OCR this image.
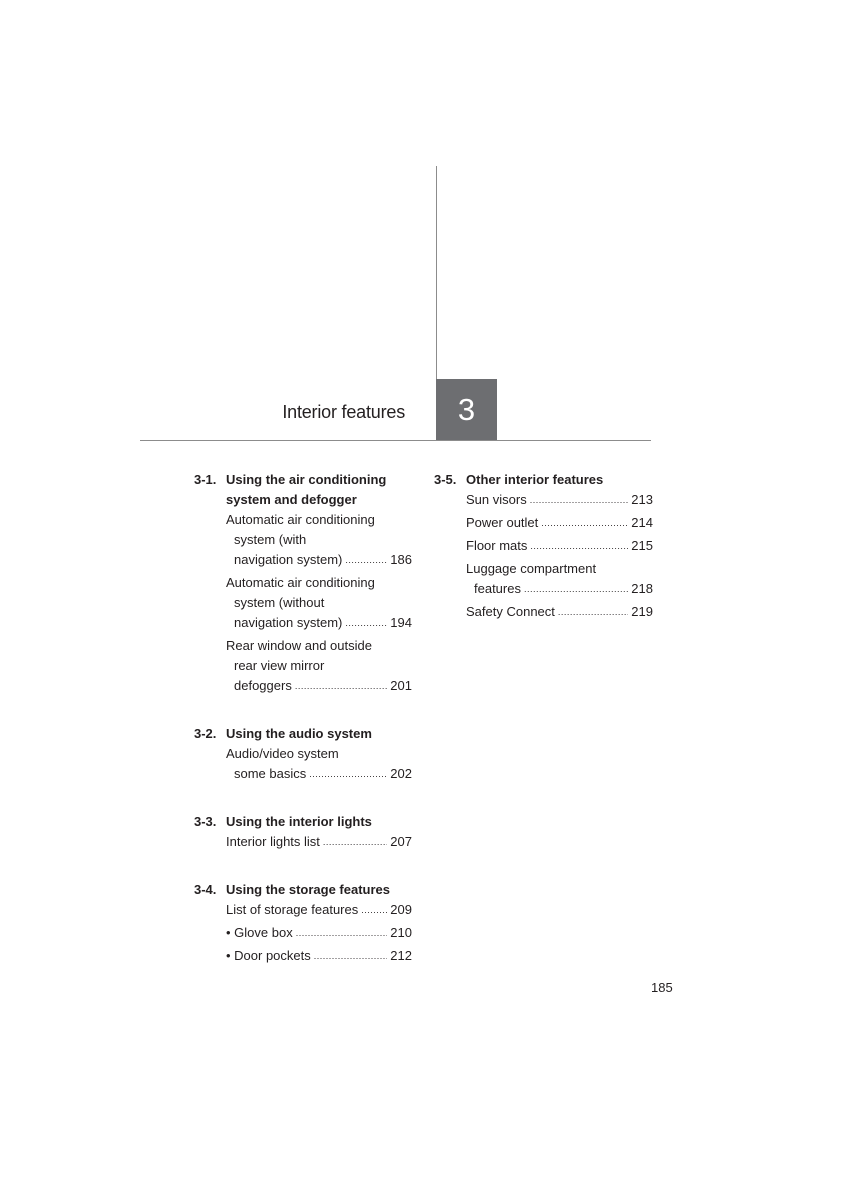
Interior features	3
3-1. Using the air conditioning
system and defogger
Automatic air conditioning
system (with
navigation system) .....	186
Automatic air conditioning
system (without
navigation system) .....	194
Rear window and outside
rear view mirror
defoggers .....	201
3-2. Using the audio system
Audio/video system
some basics .....	202
3-3. Using the interior lights
Interior lights list .....	207
3-4. Using the storage features
List of storage features ..... 209
• Glove box .....	210
• Door pockets .....	212
3-5. Other interior features
Sun visors .....	213
Power outlet .....	214
Floor mats .....	215
Luggage compartment
features .....	218
Safety Connect .....	219
185
